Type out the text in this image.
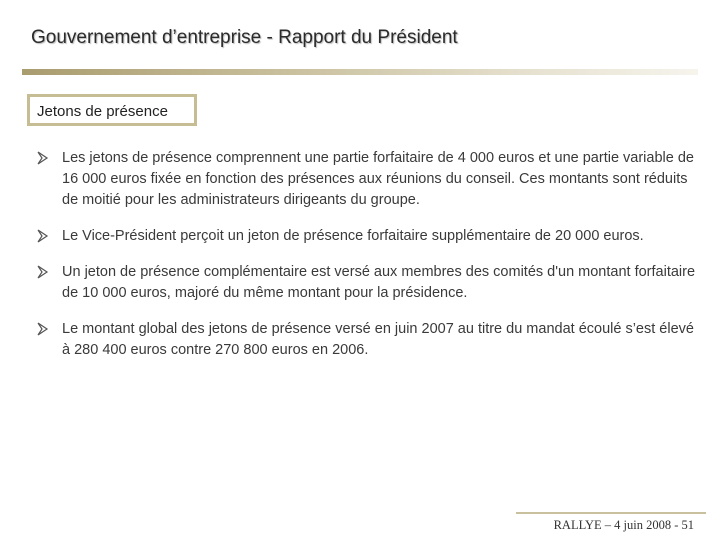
Gouvernement d’entreprise - Rapport du Président
Jetons de présence
Les jetons de présence comprennent une partie forfaitaire de 4 000 euros et une partie variable de 16 000 euros fixée en fonction des présences aux réunions du conseil. Ces montants sont réduits de moitié pour les administrateurs dirigeants du groupe.
Le Vice-Président perçoit un jeton de présence forfaitaire supplémentaire de 20 000 euros.
Un jeton de présence complémentaire est versé aux membres des comités d'un montant forfaitaire de 10 000 euros, majoré du même montant pour la présidence.
Le montant global des jetons de présence versé en juin 2007 au titre du mandat écoulé s’est élevé à 280 400 euros contre 270 800 euros en 2006.
RALLYE – 4 juin 2008 - 51
